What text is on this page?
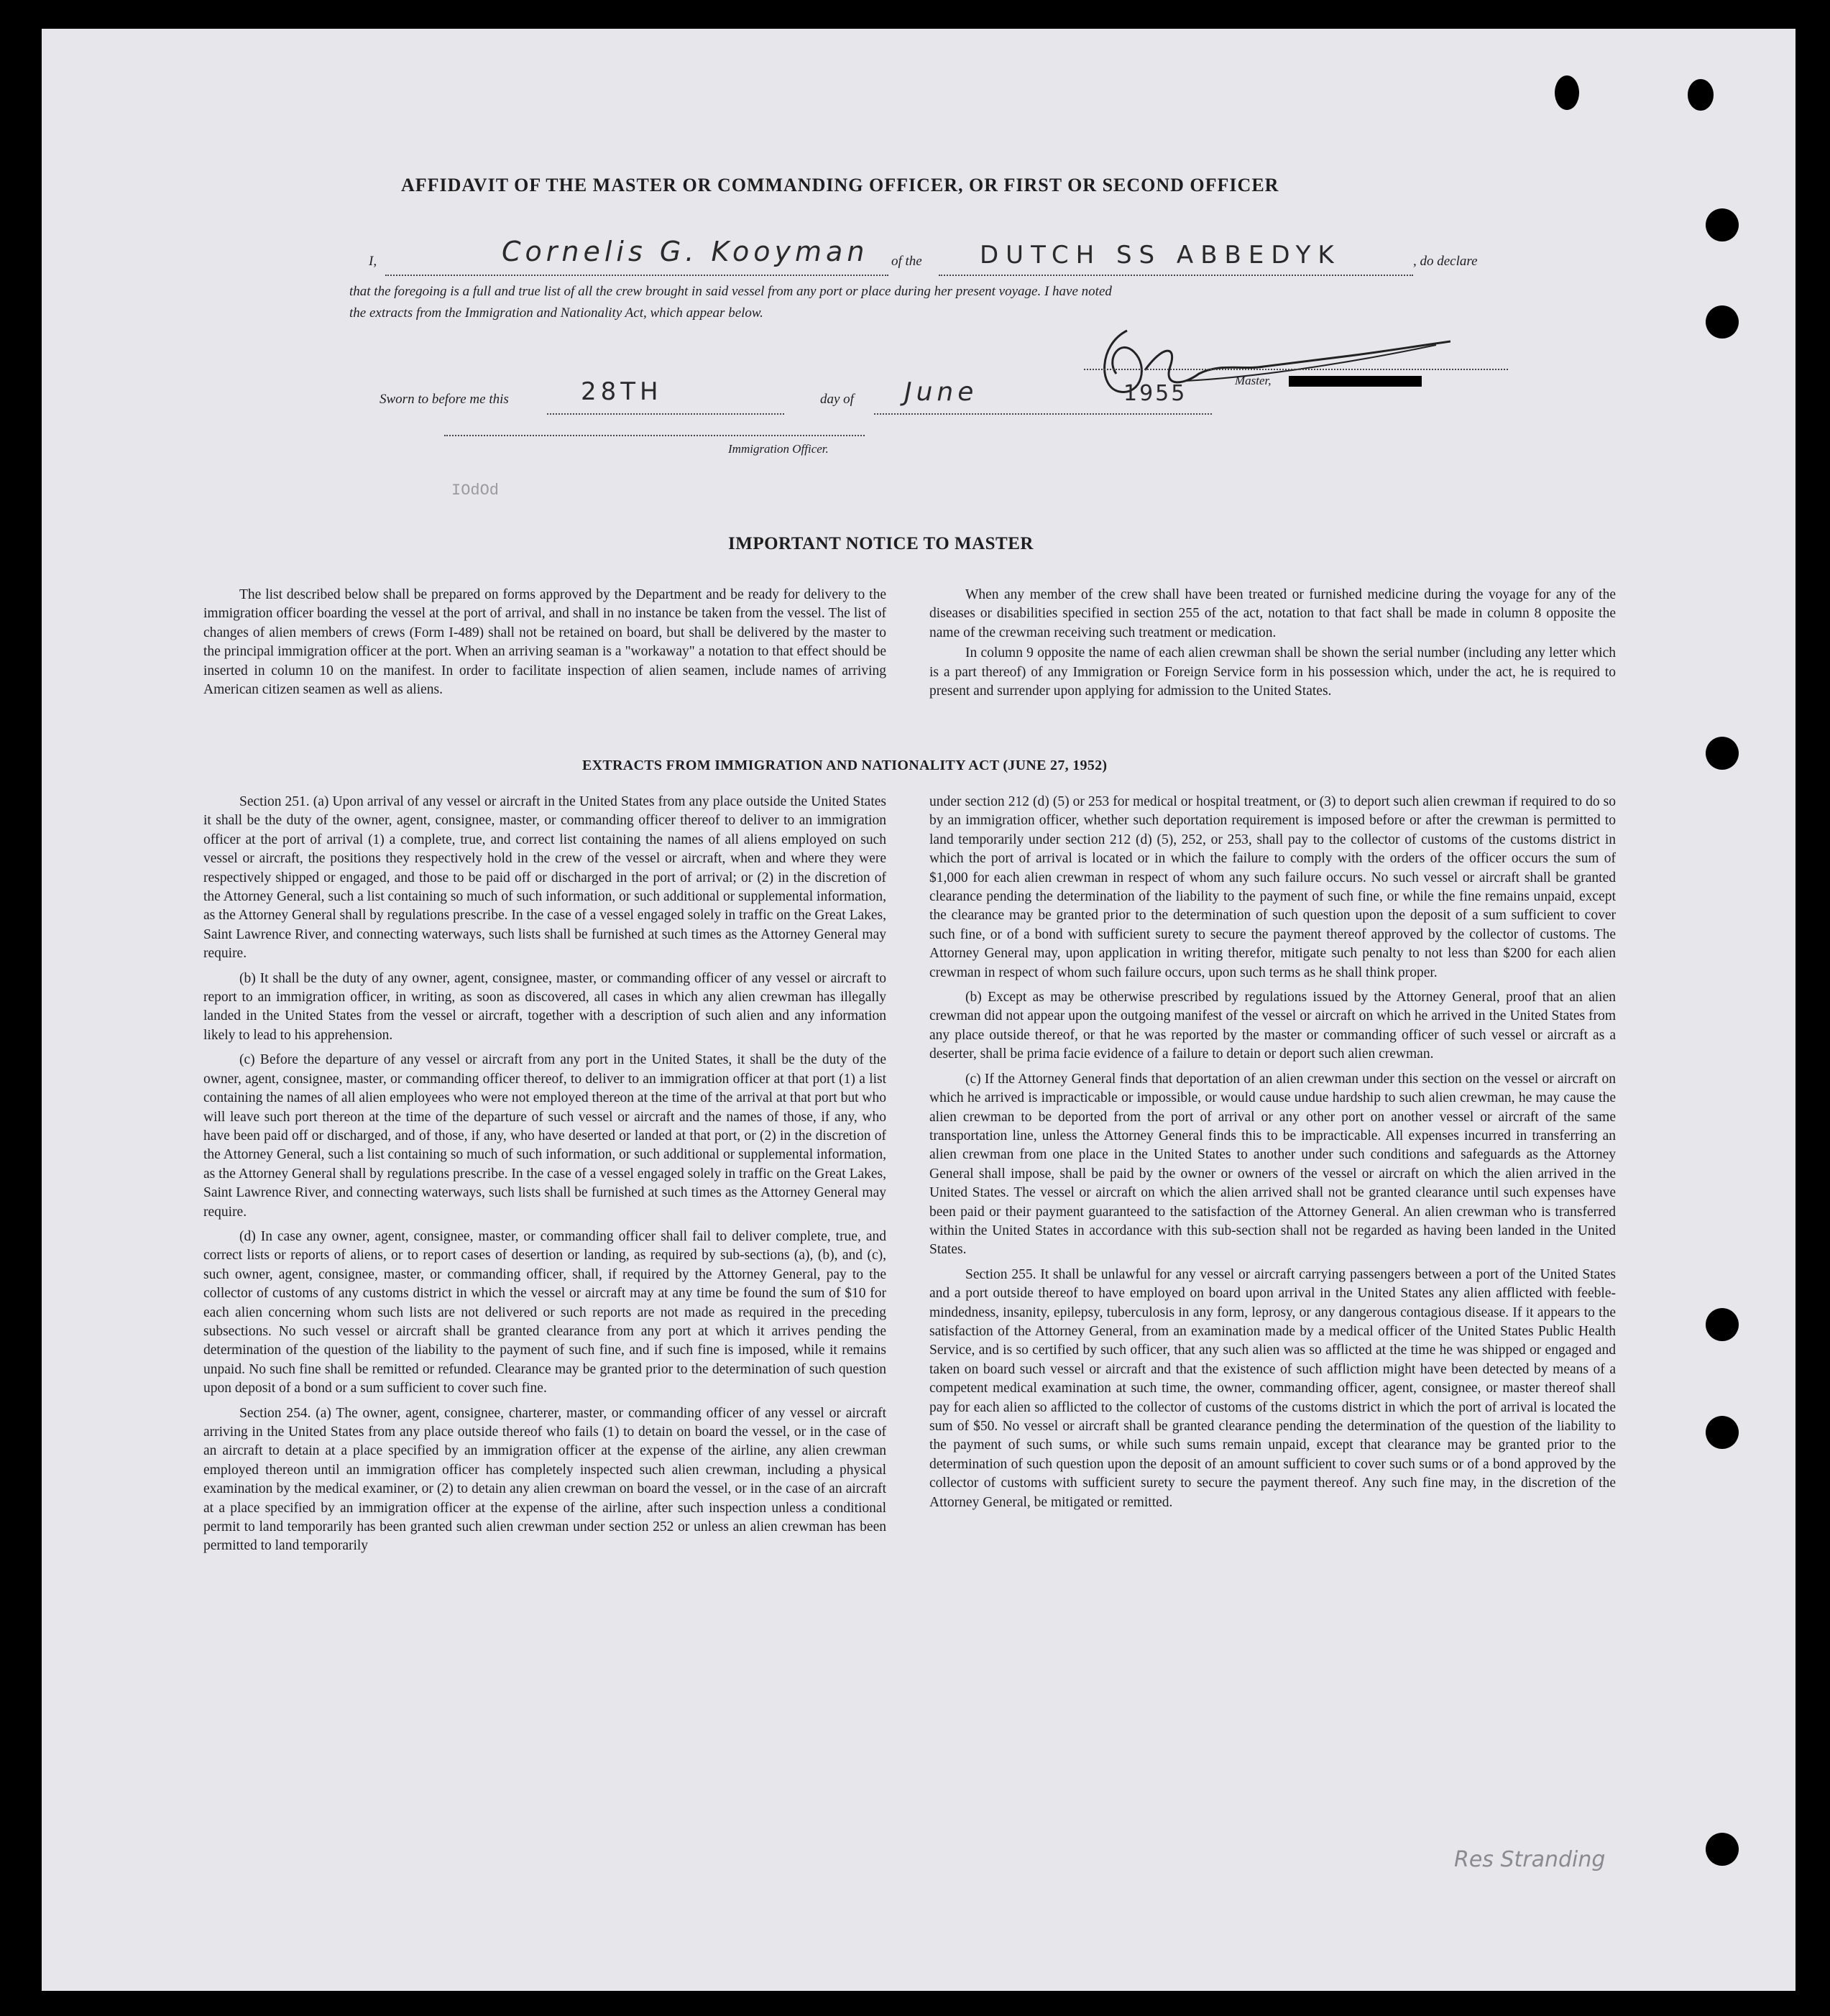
AFFIDAVIT OF THE MASTER OR COMMANDING OFFICER, OR FIRST OR SECOND OFFICER
I,	Cornelis G. Kooyman of the DUTCH SS ABBEDYK	, do declare
that the foregoing is a full and true list of all the crew brought in said vessel from any port or place during her present voyage. I have noted
the extracts from the Immigration and Nationality Act, which appear below.
Master,
Sworn to before me this	28TH	day of June	1955
Immigration Officer.
IOdOd
IMPORTANT NOTICE TO MASTER

The list described below shall be prepared on forms approved by the Department and be ready for delivery to the immigration officer boarding the vessel at the port of arrival, and shall in no instance be taken from the vessel. The list of changes of alien members of crews (Form I-489) shall not be retained on board, but shall be delivered by the master to the principal immigration officer at the port. When an arriving seaman is a "workaway" a notation to that effect should be inserted in column 10 on the manifest. In order to facilitate inspection of alien seamen, include names of arriving American citizen seamen as well as aliens.

When any member of the crew shall have been treated or furnished medicine during the voyage for any of the diseases or disabilities specified in section 255 of the act, notation to that fact shall be made in column 8 opposite the name of the crewman receiving such treatment or medication.

In column 9 opposite the name of each alien crewman shall be shown the serial number (including any letter which is a part thereof) of any Immigration or Foreign Service form in his possession which, under the act, he is required to present and surrender upon applying for admission to the United States.

EXTRACTS FROM IMMIGRATION AND NATIONALITY ACT (JUNE 27, 1952)

Section 251. (a) Upon arrival of any vessel or aircraft in the United States from any place outside the United States it shall be the duty of the owner, agent, consignee, master, or commanding officer thereof to deliver to an immigration officer at the port of arrival (1) a complete, true, and correct list containing the names of all aliens employed on such vessel or aircraft, the positions they respectively hold in the crew of the vessel or aircraft, when and where they were respectively shipped or engaged, and those to be paid off or discharged in the port of arrival; or (2) in the discretion of the Attorney General, such a list containing so much of such information, or such additional or supplemental information, as the Attorney General shall by regulations prescribe. In the case of a vessel engaged solely in traffic on the Great Lakes, Saint Lawrence River, and connecting waterways, such lists shall be furnished at such times as the Attorney General may require.

(b) It shall be the duty of any owner, agent, consignee, master, or commanding officer of any vessel or aircraft to report to an immigration officer, in writing, as soon as discovered, all cases in which any alien crewman has illegally landed in the United States from the vessel or aircraft, together with a description of such alien and any information likely to lead to his apprehension.

(c) Before the departure of any vessel or aircraft from any port in the United States, it shall be the duty of the owner, agent, consignee, master, or commanding officer thereof, to deliver to an immigration officer at that port (1) a list containing the names of all alien employees who were not employed thereon at the time of the arrival at that port but who will leave such port thereon at the time of the departure of such vessel or aircraft and the names of those, if any, who have been paid off or discharged, and of those, if any, who have deserted or landed at that port, or (2) in the discretion of the Attorney General, such a list containing so much of such information, or such additional or supplemental information, as the Attorney General shall by regulations prescribe. In the case of a vessel engaged solely in traffic on the Great Lakes, Saint Lawrence River, and connecting waterways, such lists shall be furnished at such times as the Attorney General may require.

(d) In case any owner, agent, consignee, master, or commanding officer shall fail to deliver complete, true, and correct lists or reports of aliens, or to report cases of desertion or landing, as required by sub-sections (a), (b), and (c), such owner, agent, consignee, master, or commanding officer, shall, if required by the Attorney General, pay to the collector of customs of any customs district in which the vessel or aircraft may at any time be found the sum of $10 for each alien concerning whom such lists are not delivered or such reports are not made as required in the preceding subsections. No such vessel or aircraft shall be granted clearance from any port at which it arrives pending the determination of the question of the liability to the payment of such fine, and if such fine is imposed, while it remains unpaid. No such fine shall be remitted or refunded. Clearance may be granted prior to the determination of such question upon deposit of a bond or a sum sufficient to cover such fine.

Section 254. (a) The owner, agent, consignee, charterer, master, or commanding officer of any vessel or aircraft arriving in the United States from any place outside thereof who fails (1) to detain on board the vessel, or in the case of an aircraft to detain at a place specified by an immigration officer at the expense of the airline, any alien crewman employed thereon until an immigration officer has completely inspected such alien crewman, including a physical examination by the medical examiner, or (2) to detain any alien crewman on board the vessel, or in the case of an aircraft at a place specified by an immigration officer at the expense of the airline, after such inspection unless a conditional permit to land temporarily has been granted such alien crewman under section 252 or unless an alien crewman has been permitted to land temporarily

under section 212 (d) (5) or 253 for medical or hospital treatment, or (3) to deport such alien crewman if required to do so by an immigration officer, whether such deportation requirement is imposed before or after the crewman is permitted to land temporarily under section 212 (d) (5), 252, or 253, shall pay to the collector of customs of the customs district in which the port of arrival is located or in which the failure to comply with the orders of the officer occurs the sum of $1,000 for each alien crewman in respect of whom any such failure occurs. No such vessel or aircraft shall be granted clearance pending the determination of the liability to the payment of such fine, or while the fine remains unpaid, except the clearance may be granted prior to the determination of such question upon the deposit of a sum sufficient to cover such fine, or of a bond with sufficient surety to secure the payment thereof approved by the collector of customs. The Attorney General may, upon application in writing therefor, mitigate such penalty to not less than $200 for each alien crewman in respect of whom such failure occurs, upon such terms as he shall think proper.

(b) Except as may be otherwise prescribed by regulations issued by the Attorney General, proof that an alien crewman did not appear upon the outgoing manifest of the vessel or aircraft on which he arrived in the United States from any place outside thereof, or that he was reported by the master or commanding officer of such vessel or aircraft as a deserter, shall be prima facie evidence of a failure to detain or deport such alien crewman.

(c) If the Attorney General finds that deportation of an alien crewman under this section on the vessel or aircraft on which he arrived is impracticable or impossible, or would cause undue hardship to such alien crewman, he may cause the alien crewman to be deported from the port of arrival or any other port on another vessel or aircraft of the same transportation line, unless the Attorney General finds this to be impracticable. All expenses incurred in transferring an alien crewman from one place in the United States to another under such conditions and safeguards as the Attorney General shall impose, shall be paid by the owner or owners of the vessel or aircraft on which the alien arrived in the United States. The vessel or aircraft on which the alien arrived shall not be granted clearance until such expenses have been paid or their payment guaranteed to the satisfaction of the Attorney General. An alien crewman who is transferred within the United States in accordance with this sub-section shall not be regarded as having been landed in the United States.

Section 255. It shall be unlawful for any vessel or aircraft carrying passengers between a port of the United States and a port outside thereof to have employed on board upon arrival in the United States any alien afflicted with feeble-mindedness, insanity, epilepsy, tuberculosis in any form, leprosy, or any dangerous contagious disease. If it appears to the satisfaction of the Attorney General, from an examination made by a medical officer of the United States Public Health Service, and is so certified by such officer, that any such alien was so afflicted at the time he was shipped or engaged and taken on board such vessel or aircraft and that the existence of such affliction might have been detected by means of a competent medical examination at such time, the owner, commanding officer, agent, consignee, or master thereof shall pay for each alien so afflicted to the collector of customs of the customs district in which the port of arrival is located the sum of $50. No vessel or aircraft shall be granted clearance pending the determination of the question of the liability to the payment of such sums, or while such sums remain unpaid, except that clearance may be granted prior to the determination of such question upon the deposit of an amount sufficient to cover such sums or of a bond approved by the collector of customs with sufficient surety to secure the payment thereof. Any such fine may, in the discretion of the Attorney General, be mitigated or remitted.

Res Stranding
